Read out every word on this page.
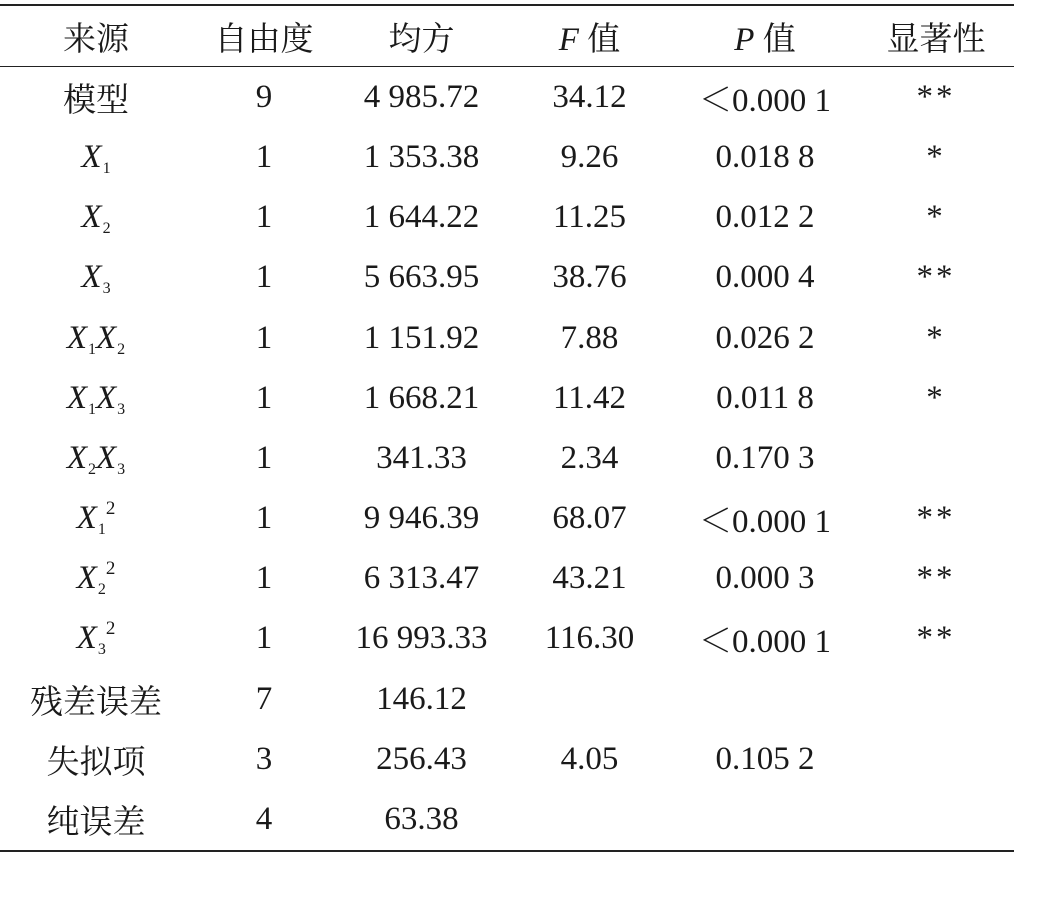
来源	自由度	均方	F 值	P 值	显著性
模型	9	4 985.72	34.12	＜0.000 1	**
$X_1$	1	1 353.38	9.26	0.018 8	*
$X_2$	1	1 644.22	11.25	0.012 2	*
$X_3$	1	5 663.95	38.76	0.000 4	**
$X_1X_2$	1	1 151.92	7.88	0.026 2	*
$X_1X_3$	1	1 668.21	11.42	0.011 8	*
$X_2X_3$	1	341.33	2.34	0.170 3	
$X_1^2$	1	9 946.39	68.07	＜0.000 1	**
$X_2^2$	1	6 313.47	43.21	0.000 3	**
$X_3^2$	1	16 993.33	116.30	＜0.000 1	**
残差误差	7	146.12			
失拟项	3	256.43	4.05	0.105 2	
纯误差	4	63.38			
